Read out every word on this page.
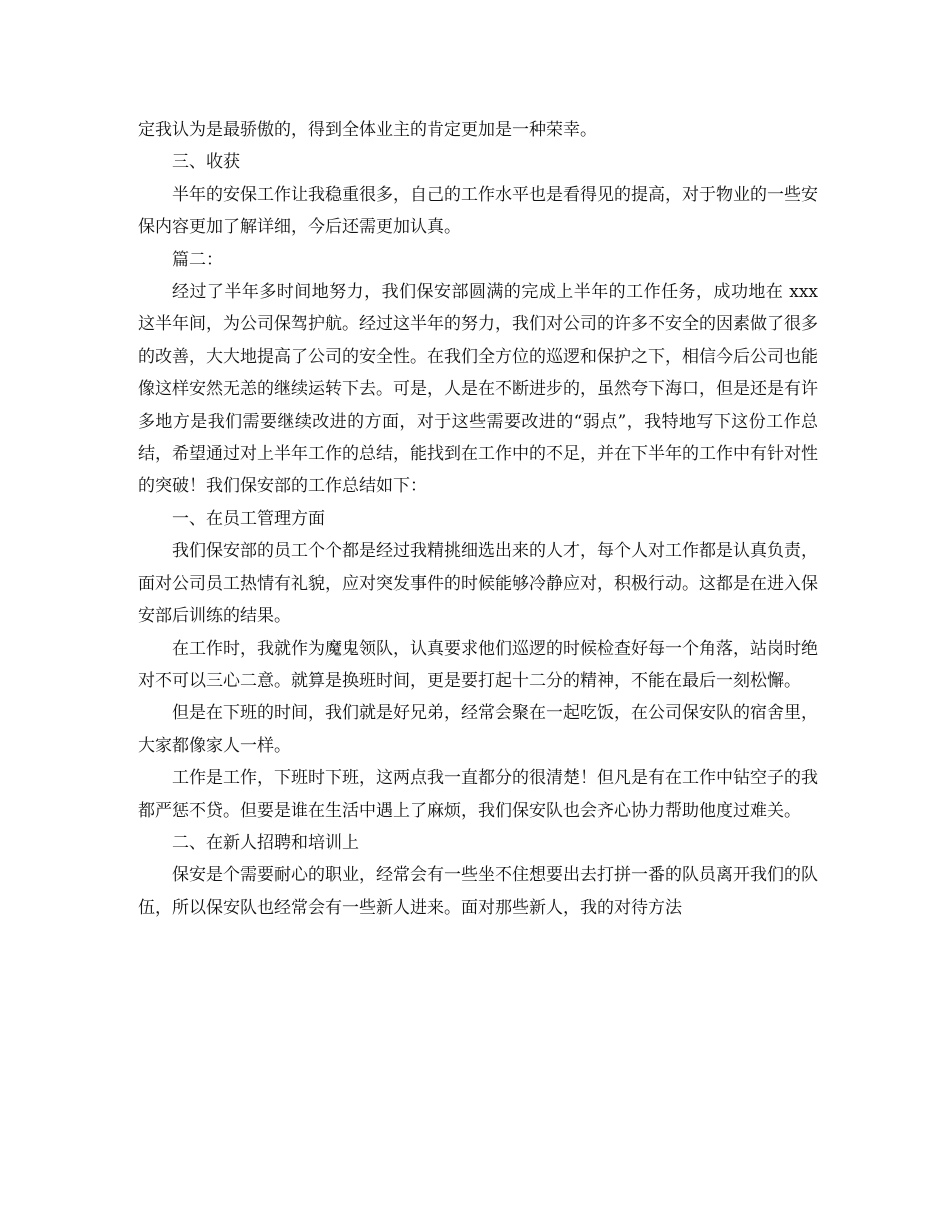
定我认为是最骄傲的，得到全体业主的肯定更加是一种荣幸。

三、收获

半年的安保工作让我稳重很多，自己的工作水平也是看得见的提高，对于物业的一些安保内容更加了解详细，今后还需更加认真。

篇二：

经过了半年多时间地努力，我们保安部圆满的完成上半年的工作任务，成功地在 xxx 这半年间，为公司保驾护航。经过这半年的努力，我们对公司的许多不安全的因素做了很多的改善，大大地提高了公司的安全性。在我们全方位的巡逻和保护之下，相信今后公司也能像这样安然无恙的继续运转下去。可是，人是在不断进步的，虽然夸下海口，但是还是有许多地方是我们需要继续改进的方面，对于这些需要改进的“弱点”，我特地写下这份工作总结，希望通过对上半年工作的总结，能找到在工作中的不足，并在下半年的工作中有针对性的突破！我们保安部的工作总结如下：

一、在员工管理方面

我们保安部的员工个个都是经过我精挑细选出来的人才，每个人对工作都是认真负责，面对公司员工热情有礼貌，应对突发事件的时候能够冷静应对，积极行动。这都是在进入保安部后训练的结果。

在工作时，我就作为魔鬼领队，认真要求他们巡逻的时候检查好每一个角落，站岗时绝对不可以三心二意。就算是换班时间，更是要打起十二分的精神，不能在最后一刻松懈。

但是在下班的时间，我们就是好兄弟，经常会聚在一起吃饭，在公司保安队的宿舍里，大家都像家人一样。

工作是工作，下班时下班，这两点我一直都分的很清楚！但凡是有在工作中钻空子的我都严惩不贷。但要是谁在生活中遇上了麻烦，我们保安队也会齐心协力帮助他度过难关。

二、在新人招聘和培训上

保安是个需要耐心的职业，经常会有一些坐不住想要出去打拼一番的队员离开我们的队伍，所以保安队也经常会有一些新人进来。面对那些新人，我的对待方法
